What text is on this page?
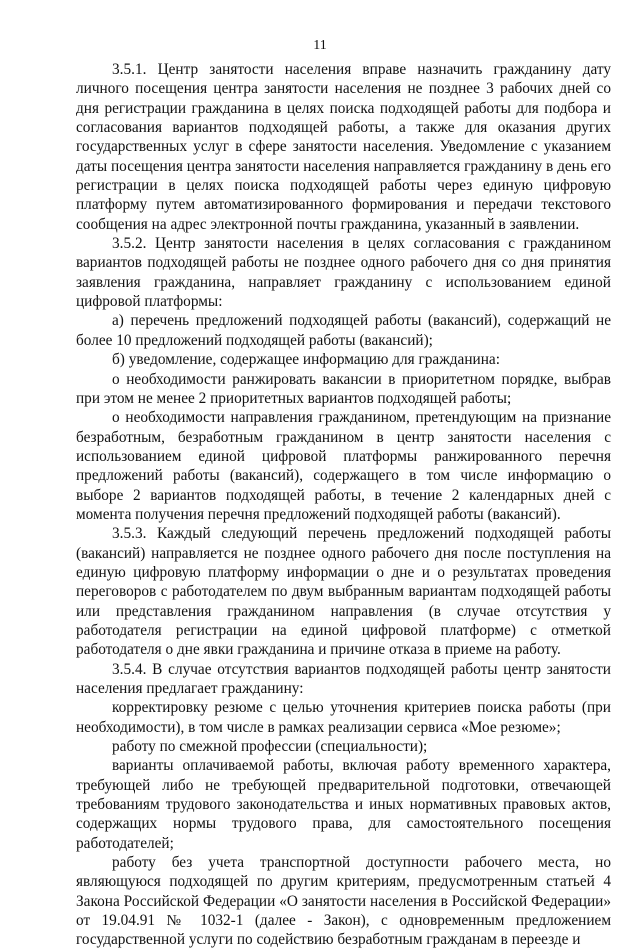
11

3.5.1. Центр занятости населения вправе назначить гражданину дату личного посещения центра занятости населения не позднее 3 рабочих дней со дня регистрации гражданина в целях поиска подходящей работы для подбора и согласования вариантов подходящей работы, а также для оказания других государственных услуг в сфере занятости населения. Уведомление с указанием даты посещения центра занятости населения направляется гражданину в день его регистрации в целях поиска подходящей работы через единую цифровую платформу путем автоматизированного формирования и передачи текстового сообщения на адрес электронной почты гражданина, указанный в заявлении.

3.5.2. Центр занятости населения в целях согласования с гражданином вариантов подходящей работы не позднее одного рабочего дня со дня принятия заявления гражданина, направляет гражданину с использованием единой цифровой платформы:

а) перечень предложений подходящей работы (вакансий), содержащий не более 10 предложений подходящей работы (вакансий);

б) уведомление, содержащее информацию для гражданина:

о необходимости ранжировать вакансии в приоритетном порядке, выбрав при этом не менее 2 приоритетных вариантов подходящей работы;

о необходимости направления гражданином, претендующим на признание безработным, безработным гражданином в центр занятости населения с использованием единой цифровой платформы ранжированного перечня предложений работы (вакансий), содержащего в том числе информацию о выборе 2 вариантов подходящей работы, в течение 2 календарных дней с момента получения перечня предложений подходящей работы (вакансий).

3.5.3. Каждый следующий перечень предложений подходящей работы (вакансий) направляется не позднее одного рабочего дня после поступления на единую цифровую платформу информации о дне и о результатах проведения переговоров с работодателем по двум выбранным вариантам подходящей работы или представления гражданином направления (в случае отсутствия у работодателя регистрации на единой цифровой платформе) с отметкой работодателя о дне явки гражданина и причине отказа в приеме на работу.

3.5.4. В случае отсутствия вариантов подходящей работы центр занятости населения предлагает гражданину:

корректировку резюме с целью уточнения критериев поиска работы (при необходимости), в том числе в рамках реализации сервиса «Мое резюме»;

работу по смежной профессии (специальности);

варианты оплачиваемой работы, включая работу временного характера, требующей либо не требующей предварительной подготовки, отвечающей требованиям трудового законодательства и иных нормативных правовых актов, содержащих нормы трудового права, для самостоятельного посещения работодателей;

работу без учета транспортной доступности рабочего места, но являющуюся подходящей по другим критериям, предусмотренным статьей 4 Закона Российской Федерации «О занятости населения в Российской Федерации» от 19.04.91 № 1032-1 (далее - Закон), с одновременным предложением государственной услуги по содействию безработным гражданам в переезде и
